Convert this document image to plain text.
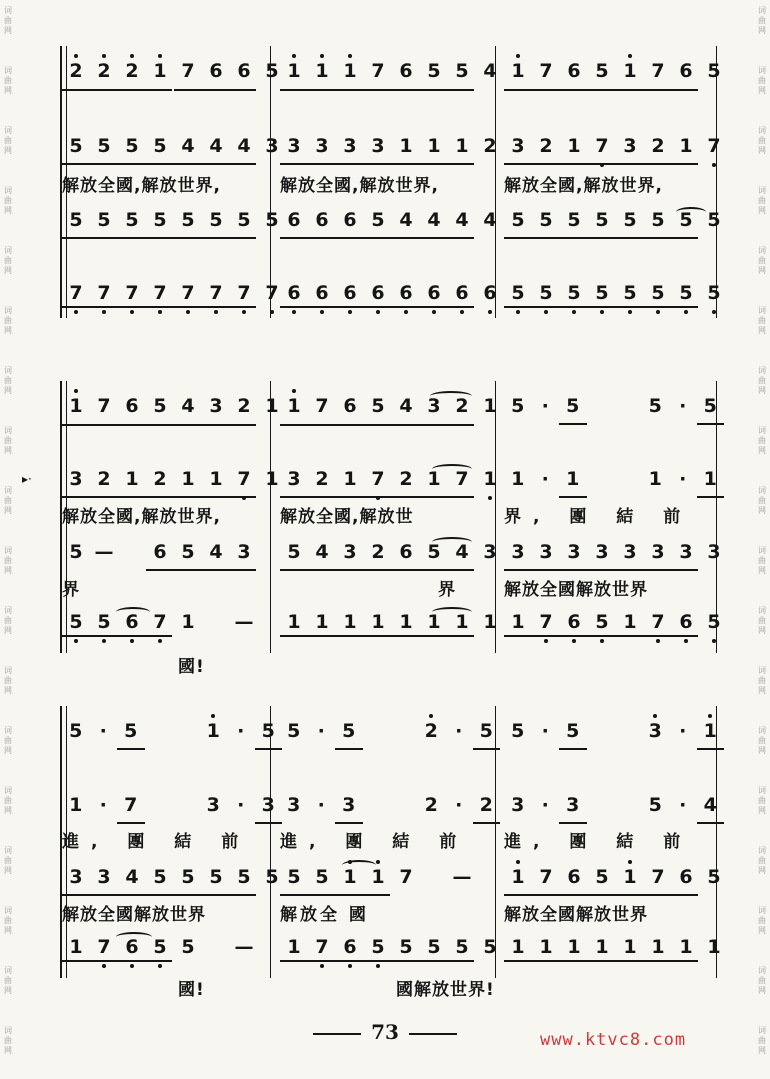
词
曲
网
词
曲
网
词
曲
网
词
曲
网
词
曲
网
词
曲
网
词
曲
网
词
曲
网
词
曲
网
词
曲
网
词
曲
网
词
曲
网
词
曲
网
词
曲
网
词
曲
网
词
曲
网
词
曲
网
词
曲
网
词
曲
网
词
曲
网
词
曲
网
词
曲
网
词
曲
网
词
曲
网
词
曲
网
词
曲
网
词
曲
网
词
曲
网
词
曲
网
词
曲
网
词
曲
网
词
曲
网
词
曲
网
词
曲
网
词
曲
网
词
曲
网
▸·
2 2 2 1 7 6 6 5
5 5 5 5 4 4 4 3
解放全國,解放世界,
5 5 5 5 5 5 5 5
7 7 7 7 7 7 7 7
1 1 1 7 6 5 5 4
3 3 3 3 1 1 1 2
解放全國,解放世界,
6 6 6 5 4 4 4 4
6 6 6 6 6 6 6 6
1 7 6 5 1 7 6 5
3 2 1 7 3 2 1 7
解放全國,解放世界,
5 5 5 5 5 5 5 5
5 5 5 5 5 5 5 5
1 7 6 5 4 3 2 1
3 2 1 2 1 1 7 1
解放全國,解放世界,
5 — 6 5 4 3
界
5 5 6 7 1 —
國!
1 7 6 5 4 3 2 1
3 2 1 7 2 1 7 1
解放全國,解放世
5 4 3 2 6 5 4 3
界
1 1 1 1 1 1 1 1
5 · 5	5 · 5
1 · 1	1 · 1
界, 團 結 前
3 3 3 3 3 3 3 3
解放全國解放世界
1 7 6 5 1 7 6 5
5 · 5	1 · 5
1 · 7	3 · 3
進, 團 結 前
3 3 4 5 5 5 5 5
解放全國解放世界
1 7 6 5 5 —
國!
5 · 5	2 · 5
3 · 3	2 · 2
進, 團 結 前
5 5 1 1 7 —
解放全 國
1 7 6 5 5 5 5 5
國解放世界!
5 · 5	3 · 1
3 · 3	5 · 4
進, 團 結 前
1 7 6 5 1 7 6 5
解放全國解放世界
1 1 1 1 1 1 1 1
73	www.ktvc8.com
